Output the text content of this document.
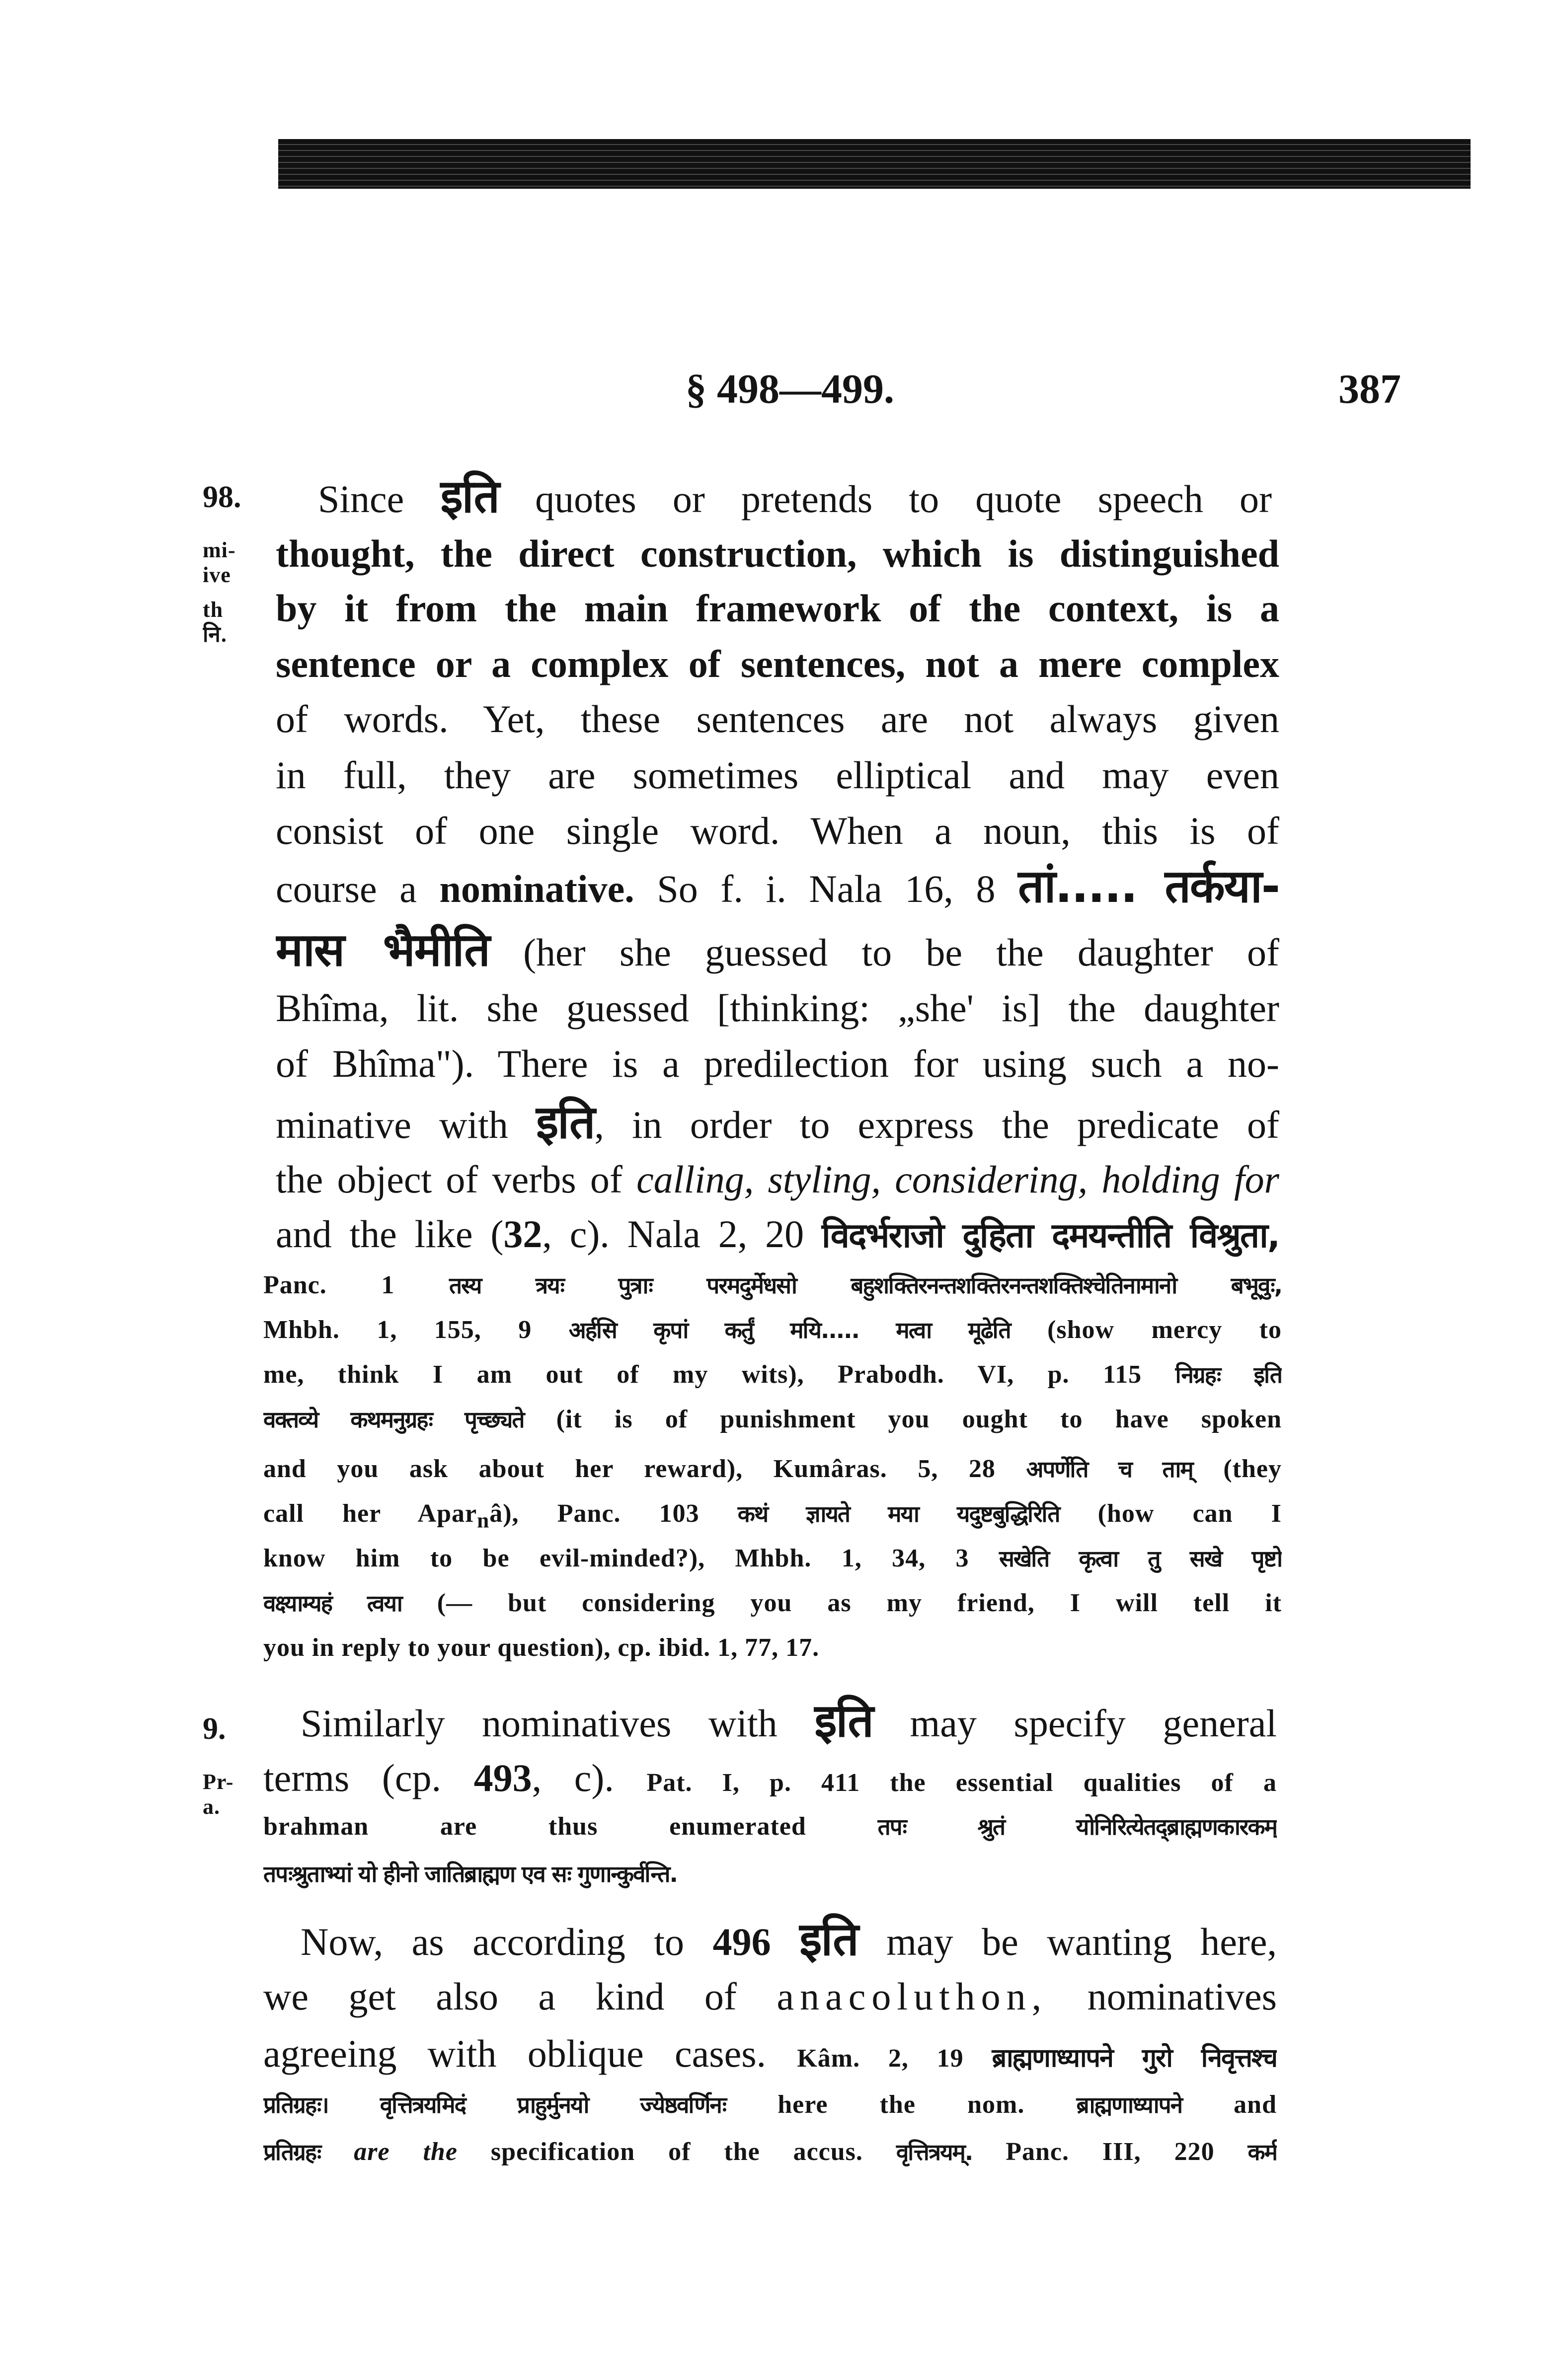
§ 498—499.	387
98.
mi-
ive
th
नि.
9.
Pr-
a.
Since इति quotes or pretends to quote speech or
thought, the direct construction, which is distinguished
by it from the main framework of the context, is a
sentence or a complex of sentences, not a mere complex
of words. Yet, these sentences are not always given
in full, they are sometimes elliptical and may even
consist of one single word. When a noun, this is of
course a nominative. So f. i. Nala 16, 8 तां..... तर्कया-
मास भैमीति (her she guessed to be the daughter of
Bhîma, lit. she guessed [thinking: „she' is] the daughter
of Bhîma"). There is a predilection for using such a no-
minative with इति, in order to express the predicate of
the object of verbs of calling, styling, considering, holding for
and the like (32, c). Nala 2, 20 विदर्भराजो दुहिता दमयन्तीति विश्रुता,
Panc. 1 तस्य त्रयः पुत्राः परमदुर्मेधसो बहुशक्तिरनन्तशक्तिरनन्तशक्तिश्चेतिनामानो बभूवुः,
Mhbh. 1, 155, 9 अर्हसि कृपां कर्तुं मयि..... मत्वा मूढेति (show mercy to
me, think I am out of my wits), Prabodh. VI, p. 115 निग्रहः इति
वक्तव्ये कथमनुग्रहः पृच्छ्यते (it is of punishment you ought to have spoken
and you ask about her reward), Kumâras. 5, 28 अपर्णेति च ताम् (they
call her Apar$_n$â), Panc. 103 कथं ज्ञायते मया यदुष्टबुद्धिरिति (how can I
know him to be evil-minded?), Mhbh. 1, 34, 3 सखेति कृत्वा तु सखे पृष्टो
वक्ष्याम्यहं त्वया (— but considering you as my friend, I will tell it
you in reply to your question), cp. ibid. 1, 77, 17.
Similarly nominatives with इति may specify general
terms (cp. 493, c). Pat. I, p. 411 the essential qualities of a
brahman are thus enumerated तपः श्रुतं योनिरित्येतद्ब्राह्मणकारकम्
तपःश्रुताभ्यां यो हीनो जातिब्राह्मण एव सः गुणान्कुर्वन्ति.
Now, as according to 496 इति may be wanting here,
we get also a kind of anacoluthon, nominatives
agreeing with oblique cases. Kâm. 2, 19 ब्राह्मणाध्यापने गुरो निवृत्तश्च
प्रतिग्रहः। वृत्तित्रयमिदं प्राहुर्मुनयो ज्येष्ठवर्णिनः here the nom. ब्राह्मणाध्यापने and
प्रतिग्रहः are the specification of the accus. वृत्तित्रयम्. Panc. III, 220 कर्म
